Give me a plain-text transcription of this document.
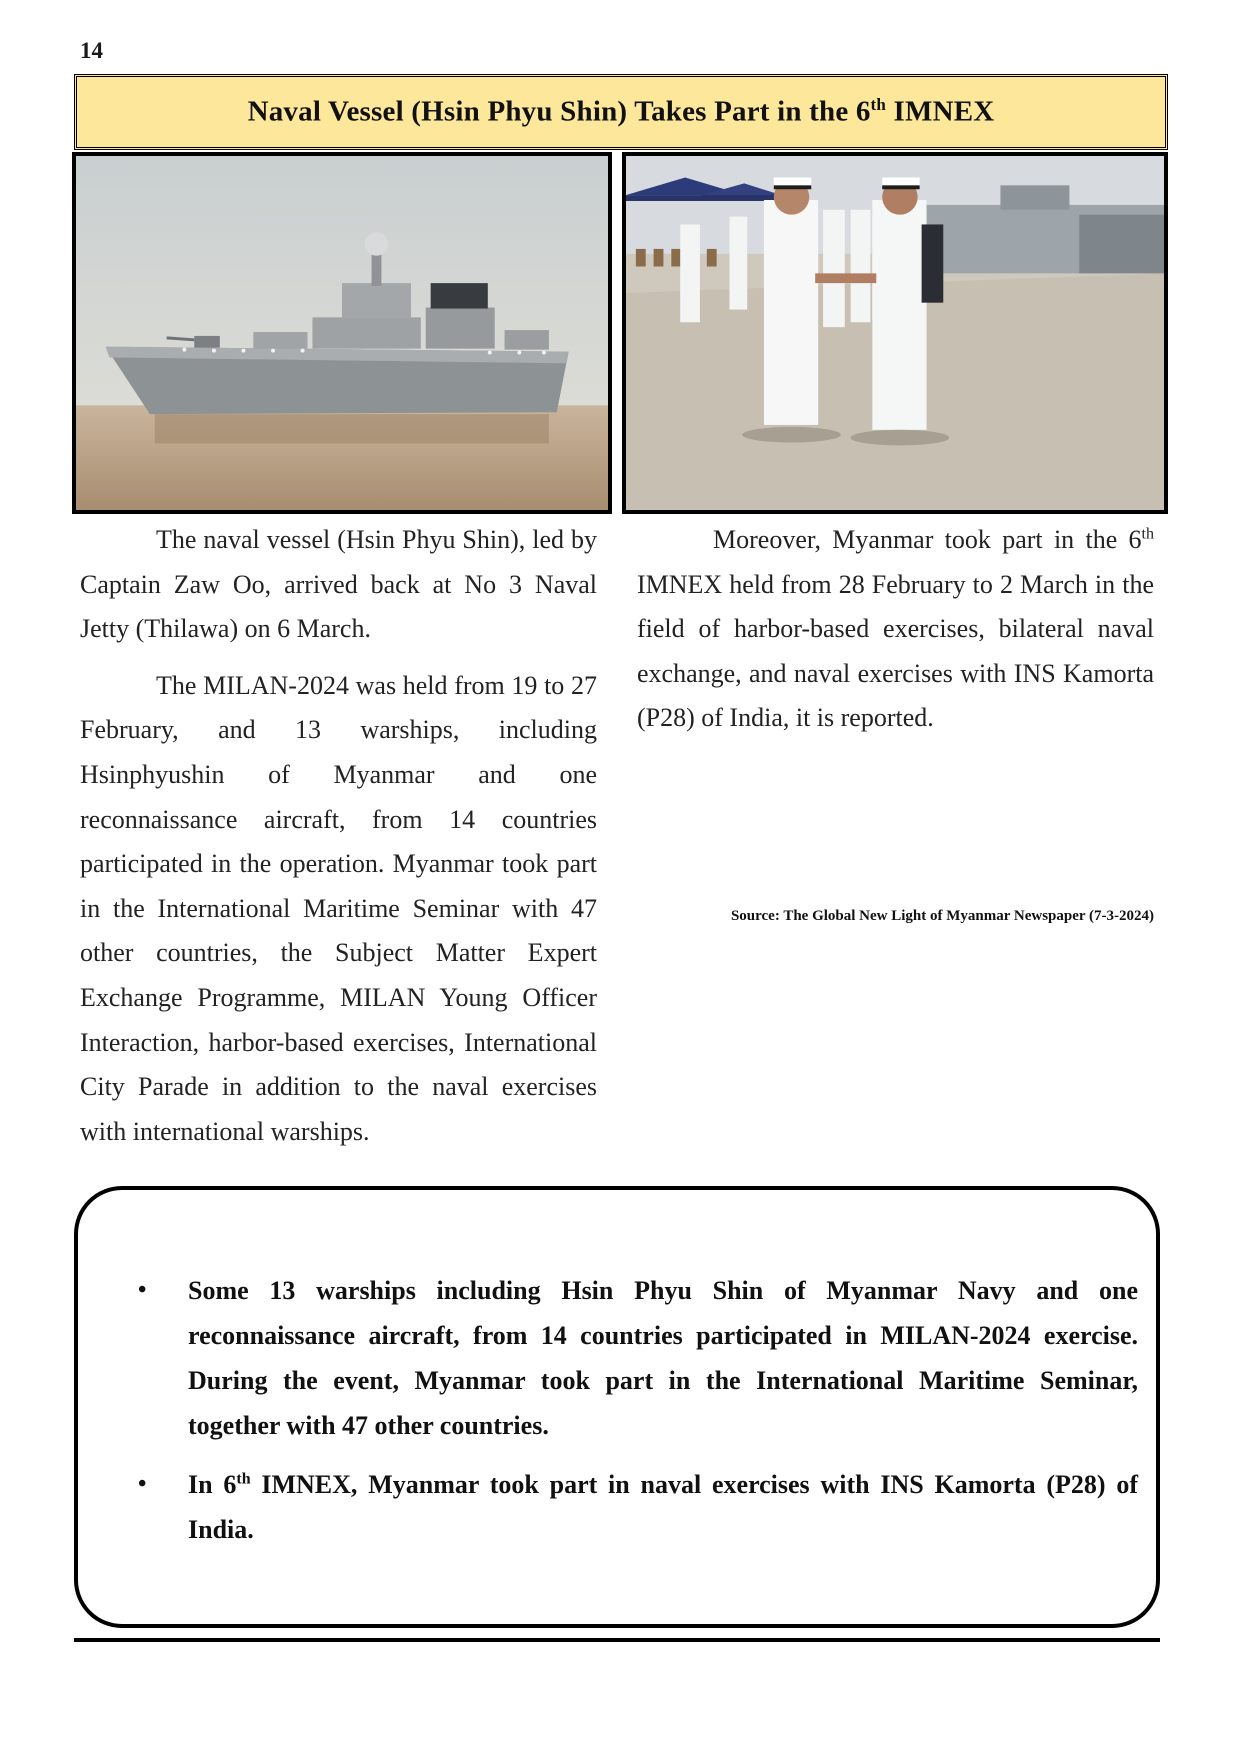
14
Naval Vessel (Hsin Phyu Shin) Takes Part in the 6th IMNEX

The naval vessel (Hsin Phyu Shin), led by Captain Zaw Oo, arrived back at No 3 Naval Jetty (Thilawa) on 6 March.

The MILAN-2024 was held from 19 to 27 February, and 13 warships, including Hsinphyushin of Myanmar and one reconnaissance aircraft, from 14 countries participated in the operation. Myanmar took part in the International Maritime Seminar with 47 other countries, the Subject Matter Expert Exchange Programme, MILAN Young Officer Interaction, harbor-based exercises, International City Parade in addition to the naval exercises with international warships.

Moreover, Myanmar took part in the 6th IMNEX held from 28 February to 2 March in the field of harbor-based exercises, bilateral naval exchange, and naval exercises with INS Kamorta (P28) of India, it is reported.

Source: The Global New Light of Myanmar Newspaper (7-3-2024)
• Some 13 warships including Hsin Phyu Shin of Myanmar Navy and one reconnaissance aircraft, from 14 countries participated in MILAN-2024 exercise. During the event, Myanmar took part in the International Maritime Seminar, together with 47 other countries.
• In 6th IMNEX, Myanmar took part in naval exercises with INS Kamorta (P28) of India.
